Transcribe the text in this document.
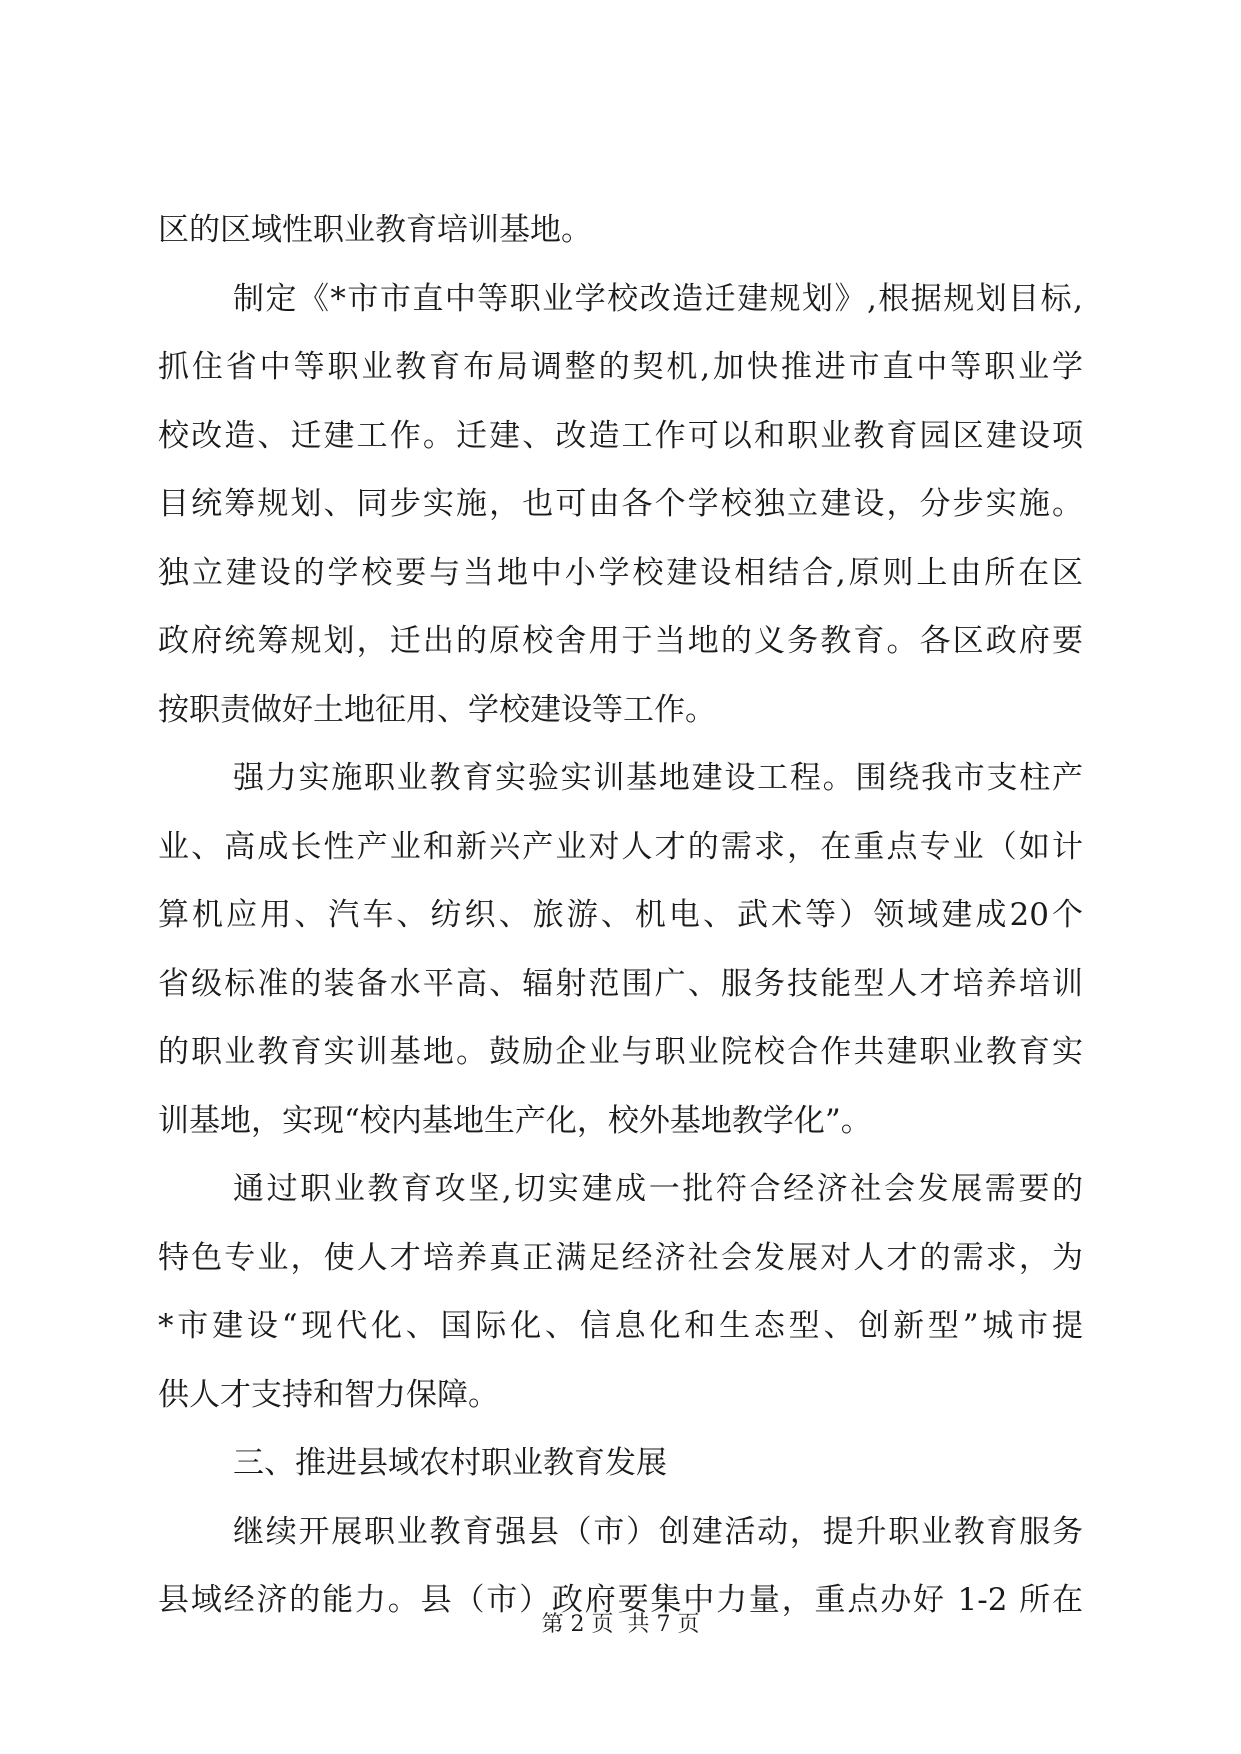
区的区域性职业教育培训基地。
制定《*市市直中等职业学校改造迁建规划》,根据规划目标,
抓住省中等职业教育布局调整的契机,加快推进市直中等职业学
校改造、迁建工作。迁建、改造工作可以和职业教育园区建设项
目统筹规划、同步实施，也可由各个学校独立建设，分步实施。
独立建设的学校要与当地中小学校建设相结合,原则上由所在区
政府统筹规划，迁出的原校舍用于当地的义务教育。各区政府要
按职责做好土地征用、学校建设等工作。
强力实施职业教育实验实训基地建设工程。围绕我市支柱产
业、高成长性产业和新兴产业对人才的需求，在重点专业（如计
算机应用、汽车、纺织、旅游、机电、武术等）领域建成20个
省级标准的装备水平高、辐射范围广、服务技能型人才培养培训
的职业教育实训基地。鼓励企业与职业院校合作共建职业教育实
训基地，实现“校内基地生产化，校外基地教学化”。
通过职业教育攻坚,切实建成一批符合经济社会发展需要的
特色专业，使人才培养真正满足经济社会发展对人才的需求，为
*市建设“现代化、国际化、信息化和生态型、创新型”城市提
供人才支持和智力保障。
三、推进县域农村职业教育发展
继续开展职业教育强县（市）创建活动，提升职业教育服务
县域经济的能力。县（市）政府要集中力量，重点办好 1-2 所在
第 2 页  共 7 页
